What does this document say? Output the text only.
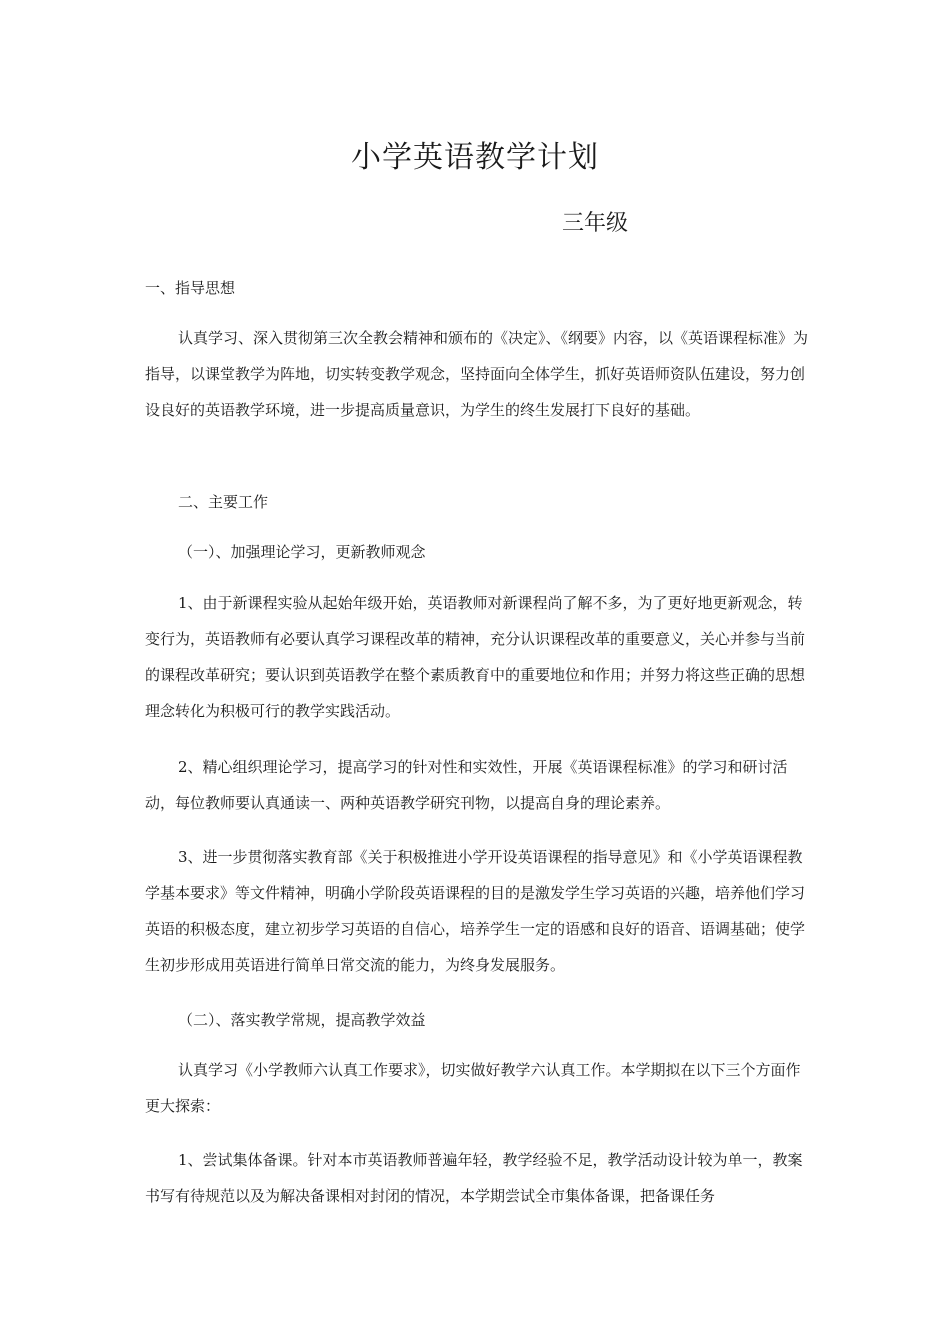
小学英语教学计划
三年级

一、指导思想

认真学习、深入贯彻第三次全教会精神和颁布的《决定》、《纲要》内容，以《英语课程标准》为指导，以课堂教学为阵地，切实转变教学观念，坚持面向全体学生，抓好英语师资队伍建设，努力创设良好的英语教学环境，进一步提高质量意识，为学生的终生发展打下良好的基础。

二、主要工作

（一）、加强理论学习，更新教师观念

1、由于新课程实验从起始年级开始，英语教师对新课程尚了解不多，为了更好地更新观念，转变行为，英语教师有必要认真学习课程改革的精神，充分认识课程改革的重要意义，关心并参与当前的课程改革研究；要认识到英语教学在整个素质教育中的重要地位和作用；并努力将这些正确的思想理念转化为积极可行的教学实践活动。

2、精心组织理论学习，提高学习的针对性和实效性，开展《英语课程标准》的学习和研讨活动，每位教师要认真通读一、两种英语教学研究刊物，以提高自身的理论素养。

3、进一步贯彻落实教育部《关于积极推进小学开设英语课程的指导意见》和《小学英语课程教学基本要求》等文件精神，明确小学阶段英语课程的目的是激发学生学习英语的兴趣，培养他们学习英语的积极态度，建立初步学习英语的自信心，培养学生一定的语感和良好的语音、语调基础；使学生初步形成用英语进行简单日常交流的能力，为终身发展服务。

（二）、落实教学常规，提高教学效益

认真学习《小学教师六认真工作要求》，切实做好教学六认真工作。本学期拟在以下三个方面作更大探索：

1、尝试集体备课。针对本市英语教师普遍年轻，教学经验不足，教学活动设计较为单一，教案书写有待规范以及为解决备课相对封闭的情况，本学期尝试全市集体备课，把备课任务
